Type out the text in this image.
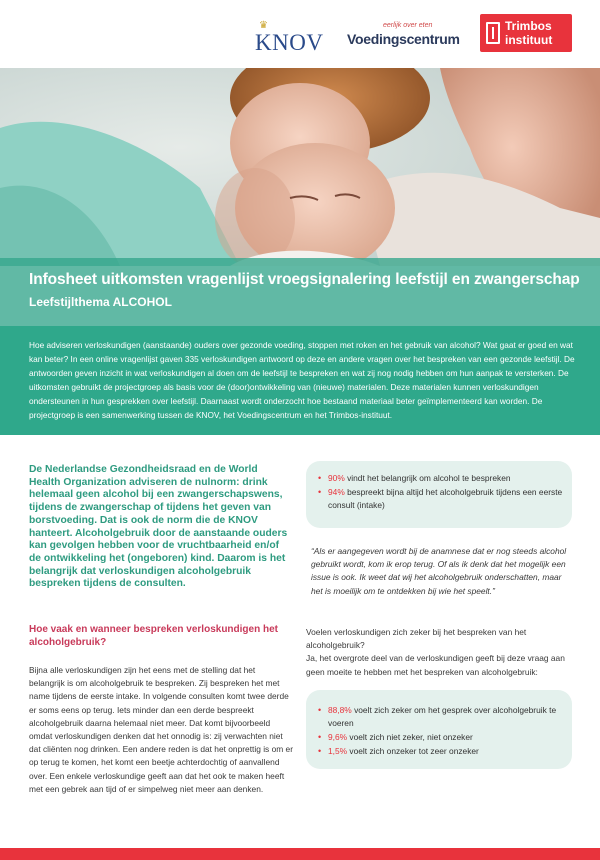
♛
KNOV
eerlijk over eten
Voedingscentrum
Trimbos
instituut
Infosheet uitkomsten vragenlijst vroegsignalering leefstijl en zwangerschap
Leefstijlthema ALCOHOL

Hoe adviseren verloskundigen (aanstaande) ouders over gezonde voeding, stoppen met roken en het gebruik van alcohol? Wat gaat er goed en wat kan beter? In een online vragenlijst gaven 335 verloskundigen antwoord op deze en andere vragen over het bespreken van een gezonde leefstijl. De antwoorden geven inzicht in wat verloskundigen al doen om de leefstijl te bespreken en wat zij nog nodig hebben om hun aanpak te versterken. De uitkomsten gebruikt de projectgroep als basis voor de (door)ontwikkeling van (nieuwe) materialen. Deze materialen kunnen verloskundigen ondersteunen in hun gesprekken over leefstijl. Daarnaast wordt onderzocht hoe bestaand materiaal beter geïmplementeerd kan worden. De projectgroep is een samenwerking tussen de KNOV, het Voedingscentrum en het Trimbos-instituut.

De Nederlandse Gezondheidsraad en de World Health Organization adviseren de nulnorm: drink helemaal geen alcohol bij een zwangerschapswens, tijdens de zwangerschap of tijdens het geven van borstvoeding. Dat is ook de norm die de KNOV hanteert. Alcoholgebruik door de aanstaande ouders kan gevolgen hebben voor de vruchtbaarheid en/of de ontwikkeling het (ongeboren) kind. Daarom is het belangrijk dat verloskundigen alcoholgebruik bespreken tijdens de consulten.
Hoe vaak en wanneer bespreken verloskundigen het alcoholgebruik?
Bijna alle verloskundigen zijn het eens met de stelling dat het belangrijk is om alcoholgebruik te bespreken. Zij bespreken het met name tijdens de eerste intake. In volgende consulten komt twee derde er soms eens op terug. Iets minder dan een derde bespreekt alcoholgebruik daarna helemaal niet meer. Dat komt bijvoorbeeld omdat verloskundigen denken dat het onnodig is: zij verwachten niet dat cliënten nog drinken. Een andere reden is dat het onprettig is om er op terug te komen, het komt een beetje achterdochtig of aanvallend over. Een enkele verloskundige geeft aan dat het ook te maken heeft met een gebrek aan tijd of er simpelweg niet meer aan denken.
• 90% vindt het belangrijk om alcohol te bespreken
• 94% bespreekt bijna altijd het alcoholgebruik tijdens een eerste consult (intake)
“Als er aangegeven wordt bij de anamnese dat er nog steeds alcohol gebruikt wordt, kom ik erop terug. Of als ik denk dat het mogelijk een issue is ook. Ik weet dat wij het alcoholgebruik onderschatten, maar het is moeilijk om te ontdekken bij wie het speelt.”
Voelen verloskundigen zich zeker bij het bespreken van het alcoholgebruik?
Ja, het overgrote deel van de verloskundigen geeft bij deze vraag aan geen moeite te hebben met het bespreken van alcoholgebruik:
• 88,8% voelt zich zeker om het gesprek over alcoholgebruik te voeren
• 9,6% voelt zich niet zeker, niet onzeker
• 1,5% voelt zich onzeker tot zeer onzeker
